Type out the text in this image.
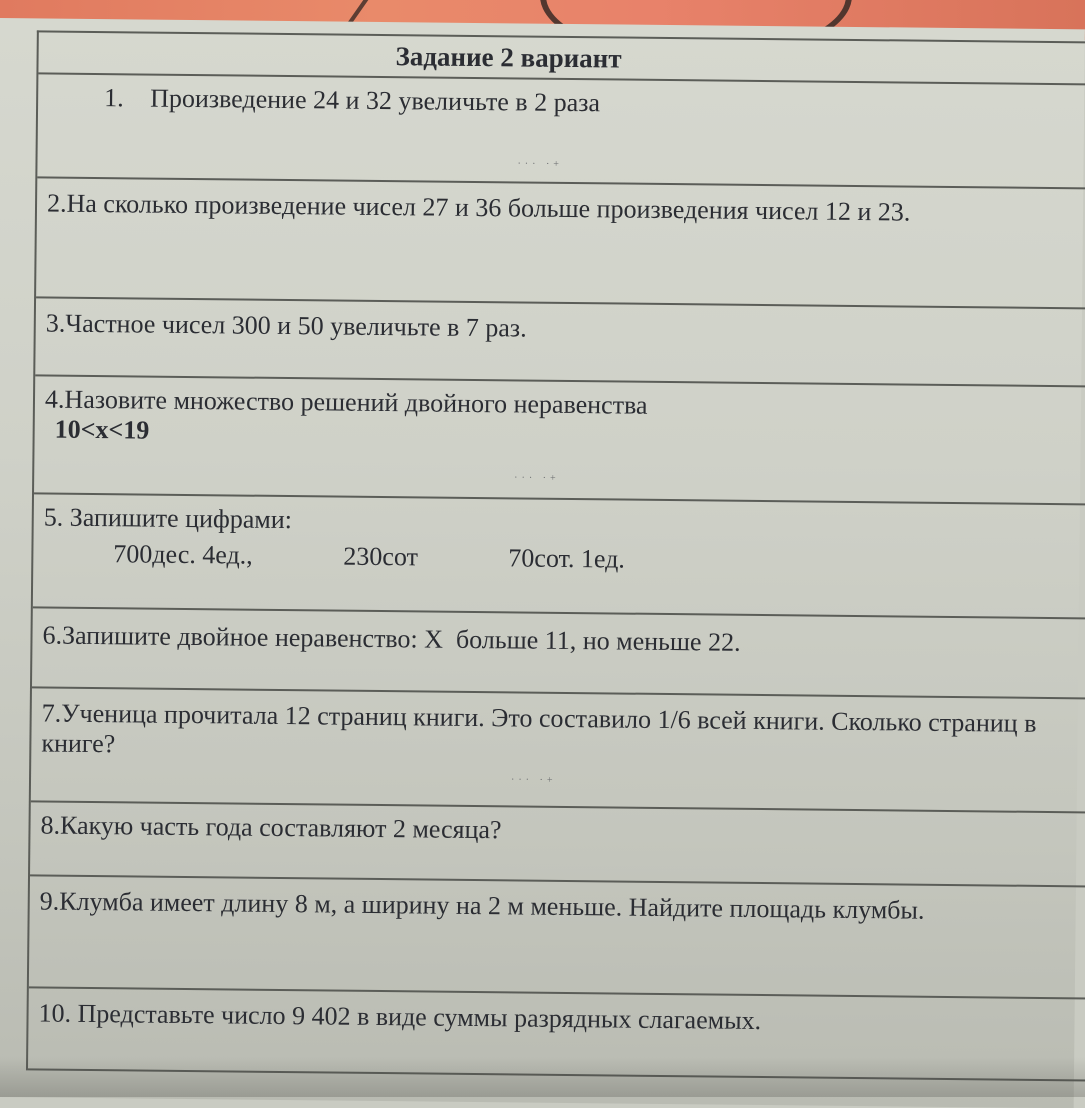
Задание 2 вариант
1. Произведение 24 и 32 увеличьте в 2 раза
··· ·+
2.На сколько произведение чисел 27 и 36 больше произведения чисел 12 и 23.
3.Частное чисел 300 и 50 увеличьте в 7 раз.
4.Назовите множество решений двойного неравенства
10<x<19
··· ·+
5. Запишите цифрами:
700дес. 4ед.,	230сот	70сот. 1ед.
6.Запишите двойное неравенство: X  больше 11, но меньше 22.
7.Ученица прочитала 12 страниц книги. Это составило 1/6 всей книги. Сколько страниц в книге?
··· ·+
8.Какую часть года составляют 2 месяца?
9.Клумба имеет длину 8 м, а ширину на 2 м меньше. Найдите площадь клумбы.
10. Представьте число 9 402 в виде суммы разрядных слагаемых.
